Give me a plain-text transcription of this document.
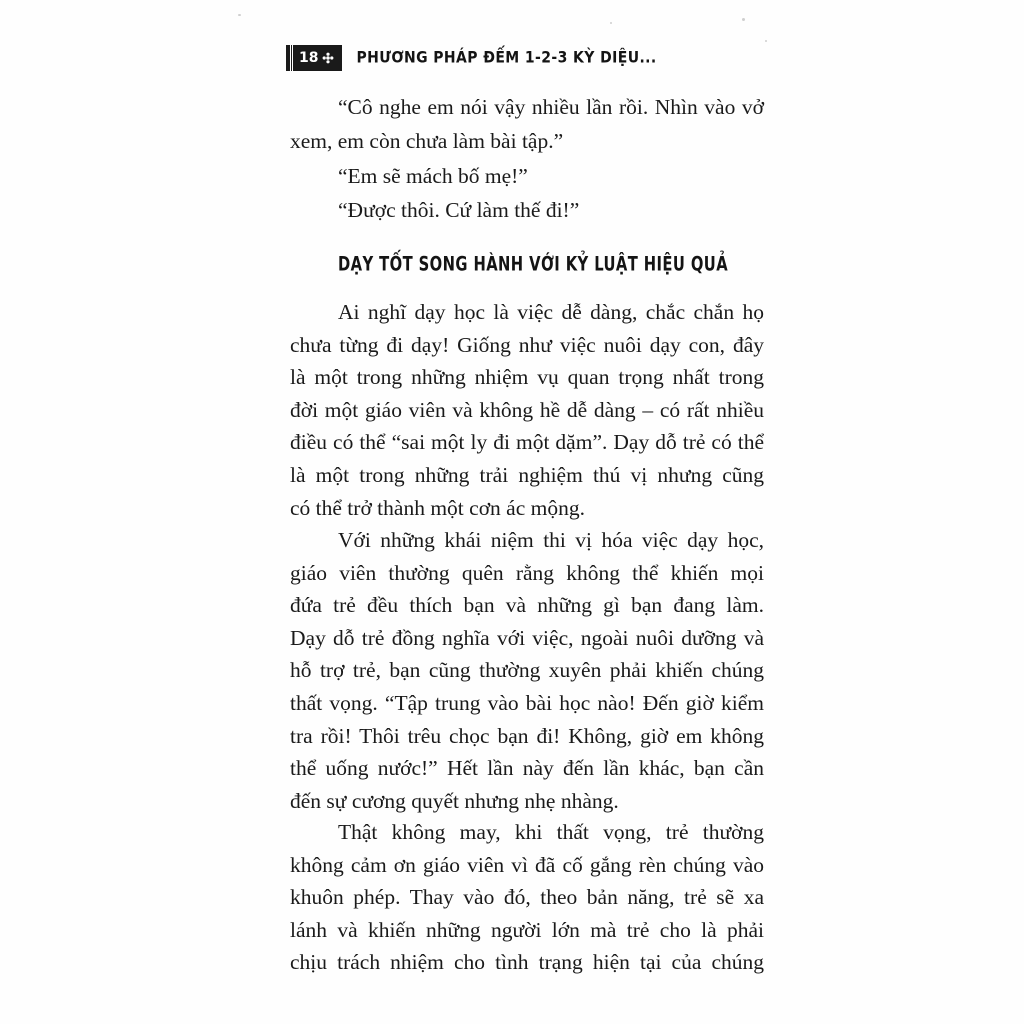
18	PHƯƠNG PHÁP ĐẾM 1-2-3 KỲ DIỆU...
“Cô nghe em nói vậy nhiều lần rồi. Nhìn vào vở
xem, em còn chưa làm bài tập.”
“Em sẽ mách bố mẹ!”
“Được thôi. Cứ làm thế đi!”
DẠY TỐT SONG HÀNH VỚI KỶ LUẬT HIỆU QUẢ
Ai nghĩ dạy học là việc dễ dàng, chắc chắn họ
chưa từng đi dạy! Giống như việc nuôi dạy con, đây
là một trong những nhiệm vụ quan trọng nhất trong
đời một giáo viên và không hề dễ dàng – có rất nhiều
điều có thể “sai một ly đi một dặm”. Dạy dỗ trẻ có thể
là một trong những trải nghiệm thú vị nhưng cũng
có thể trở thành một cơn ác mộng.
Với những khái niệm thi vị hóa việc dạy học,
giáo viên thường quên rằng không thể khiến mọi
đứa trẻ đều thích bạn và những gì bạn đang làm.
Dạy dỗ trẻ đồng nghĩa với việc, ngoài nuôi dưỡng và
hỗ trợ trẻ, bạn cũng thường xuyên phải khiến chúng
thất vọng. “Tập trung vào bài học nào! Đến giờ kiểm
tra rồi! Thôi trêu chọc bạn đi! Không, giờ em không
thể uống nước!” Hết lần này đến lần khác, bạn cần
đến sự cương quyết nhưng nhẹ nhàng.
Thật không may, khi thất vọng, trẻ thường
không cảm ơn giáo viên vì đã cố gắng rèn chúng vào
khuôn phép. Thay vào đó, theo bản năng, trẻ sẽ xa
lánh và khiến những người lớn mà trẻ cho là phải
chịu trách nhiệm cho tình trạng hiện tại của chúng
